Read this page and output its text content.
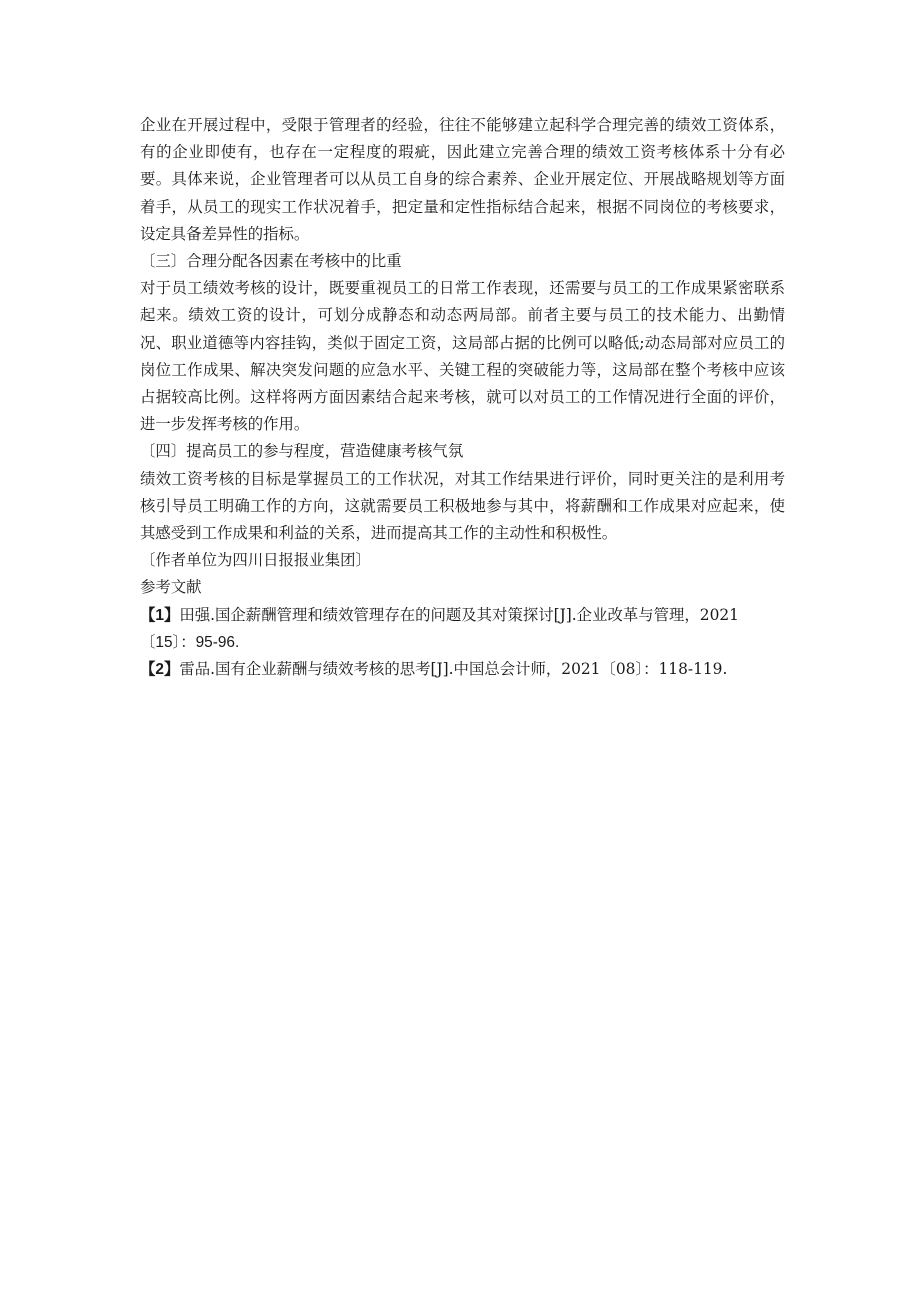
企业在开展过程中，受限于管理者的经验，往往不能够建立起科学合理完善的绩效工资体系，有的企业即使有，也存在一定程度的瑕疵，因此建立完善合理的绩效工资考核体系十分有必要。具体来说，企业管理者可以从员工自身的综合素养、企业开展定位、开展战略规划等方面着手，从员工的现实工作状况着手，把定量和定性指标结合起来，根据不同岗位的考核要求，设定具备差异性的指标。

〔三〕合理分配各因素在考核中的比重

对于员工绩效考核的设计，既要重视员工的日常工作表现，还需要与员工的工作成果紧密联系起来。绩效工资的设计，可划分成静态和动态两局部。前者主要与员工的技术能力、出勤情况、职业道德等内容挂钩，类似于固定工资，这局部占据的比例可以略低;动态局部对应员工的岗位工作成果、解决突发问题的应急水平、关键工程的突破能力等，这局部在整个考核中应该占据较高比例。这样将两方面因素结合起来考核，就可以对员工的工作情况进行全面的评价，进一步发挥考核的作用。

〔四〕提高员工的参与程度，营造健康考核气氛

绩效工资考核的目标是掌握员工的工作状况，对其工作结果进行评价，同时更关注的是利用考核引导员工明确工作的方向，这就需要员工积极地参与其中，将薪酬和工作成果对应起来，使其感受到工作成果和利益的关系，进而提高其工作的主动性和积极性。

〔作者单位为四川日报报业集团〕

参考文献

【1】田强.国企薪酬管理和绩效管理存在的问题及其对策探讨[J].企业改革与管理，2021
〔15〕：95-96.
【2】雷品.国有企业薪酬与绩效考核的思考[J].中国总会计师，2021〔08〕：118-119.
